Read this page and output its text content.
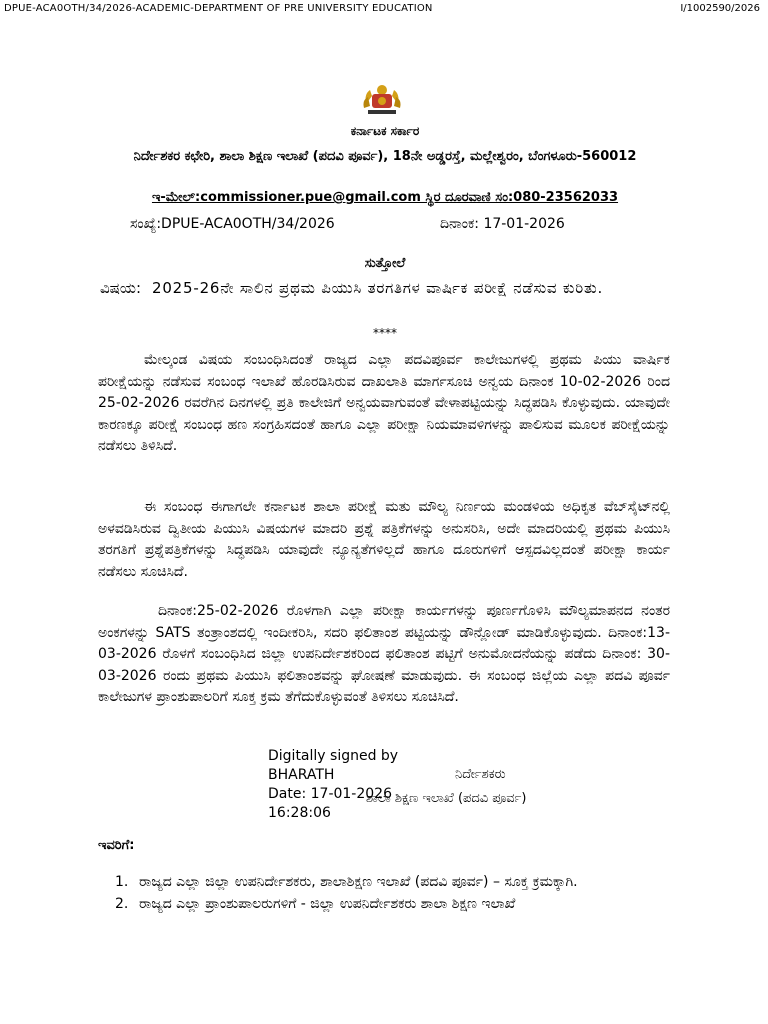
DPUE-ACA0OTH/34/2026-ACADEMIC-DEPARTMENT OF PRE UNIVERSITY EDUCATION	I/1002590/2026
ಕರ್ನಾಟಕ ಸರ್ಕಾರ
ನಿರ್ದೇಶಕರ ಕಛೇರಿ, ಶಾಲಾ ಶಿಕ್ಷಣ ಇಲಾಖೆ (ಪದವಿ ಪೂರ್ವ), 18ನೇ ಅಡ್ಡರಸ್ತೆ, ಮಲ್ಲೇಶ್ವರಂ, ಬೆಂಗಳೂರು-560012
ಇ-ಮೇಲ್:commissioner.pue@gmail.com ಸ್ಥಿರ ದೂರವಾಣಿ ಸಂ:080-23562033
ಸಂಖ್ಯೆ:DPUE-ACA0OTH/34/2026	ದಿನಾಂಕ: 17-01-2026
ಸುತ್ತೋಲೆ
ವಿಷಯ: 2025-26ನೇ ಸಾಲಿನ ಪ್ರಥಮ ಪಿಯುಸಿ ತರಗತಿಗಳ ವಾರ್ಷಿಕ ಪರೀಕ್ಷೆ ನಡೆಸುವ ಕುರಿತು.
****
ಮೇಲ್ಕಂಡ ವಿಷಯ ಸಂಬಂಧಿಸಿದಂತೆ ರಾಜ್ಯದ ಎಲ್ಲಾ ಪದವಿಪೂರ್ವ ಕಾಲೇಜುಗಳಲ್ಲಿ ಪ್ರಥಮ ಪಿಯು ವಾರ್ಷಿಕ ಪರೀಕ್ಷೆಯನ್ನು ನಡೆಸುವ ಸಂಬಂಧ ಇಲಾಖೆ ಹೊರಡಿಸಿರುವ ದಾಖಲಾತಿ ಮಾರ್ಗಸೂಚಿ ಅನ್ವಯ ದಿನಾಂಕ 10-02-2026 ರಿಂದ 25-02-2026 ರವರೆಗಿನ ದಿನಗಳಲ್ಲಿ ಪ್ರತಿ ಕಾಲೇಜಿಗೆ ಅನ್ವಯವಾಗುವಂತೆ ವೇಳಾಪಟ್ಟಿಯನ್ನು ಸಿದ್ಧಪಡಿಸಿ ಕೊಳ್ಳುವುದು. ಯಾವುದೇ ಕಾರಣಕ್ಕೂ ಪರೀಕ್ಷೆ ಸಂಬಂಧ ಹಣ ಸಂಗ್ರಹಿಸದಂತೆ ಹಾಗೂ ಎಲ್ಲಾ ಪರೀಕ್ಷಾ ನಿಯಮಾವಳಿಗಳನ್ನು ಪಾಲಿಸುವ ಮೂಲಕ ಪರೀಕ್ಷೆಯನ್ನು ನಡೆಸಲು ತಿಳಿಸಿದೆ.
ಈ ಸಂಬಂಧ ಈಗಾಗಲೇ ಕರ್ನಾಟಕ ಶಾಲಾ ಪರೀಕ್ಷೆ ಮತು ಮೌಲ್ಯ ನಿರ್ಣಯ ಮಂಡಳಿಯ ಅಧಿಕೃತ ವೆಬ್‌ಸೈಟ್‌ನಲ್ಲಿ ಅಳವಡಿಸಿರುವ ದ್ವಿತೀಯ ಪಿಯುಸಿ ವಿಷಯಗಳ ಮಾದರಿ ಪ್ರಶ್ನೆ ಪತ್ರಿಕೆಗಳನ್ನು ಅನುಸರಿಸಿ, ಅದೇ ಮಾದರಿಯಲ್ಲಿ ಪ್ರಥಮ ಪಿಯುಸಿ ತರಗತಿಗೆ ಪ್ರಶ್ನೆಪತ್ರಿಕೆಗಳನ್ನು ಸಿದ್ಧಪಡಿಸಿ ಯಾವುದೇ ನ್ಯೂನ್ಯತೆಗಳಿಲ್ಲದೆ ಹಾಗೂ ದೂರುಗಳಿಗೆ ಆಸ್ಪದವಿಲ್ಲದಂತೆ ಪರೀಕ್ಷಾ ಕಾರ್ಯ ನಡೆಸಲು ಸೂಚಿಸಿದೆ.
ದಿನಾಂಕ:25-02-2026 ರೊಳಗಾಗಿ ಎಲ್ಲಾ ಪರೀಕ್ಷಾ ಕಾರ್ಯಗಳನ್ನು ಪೂರ್ಣಗೊಳಿಸಿ ಮೌಲ್ಯಮಾಪನದ ನಂತರ ಅಂಕಗಳನ್ನು SATS ತಂತ್ರಾಂಶದಲ್ಲಿ ಇಂದೀಕರಿಸಿ, ಸದರಿ ಫಲಿತಾಂಶ ಪಟ್ಟಿಯನ್ನು ಡೌನ್ಲೋಡ್ ಮಾಡಿಕೊಳ್ಳುವುದು. ದಿನಾಂಕ:13-03-2026 ರೊಳಗೆ ಸಂಬಂಧಿಸಿದ ಜಿಲ್ಲಾ ಉಪನಿರ್ದೇಶಕರಿಂದ ಫಲಿತಾಂಶ ಪಟ್ಟಿಗೆ ಅನುಮೋದನೆಯನ್ನು ಪಡೆದು ದಿನಾಂಕ: 30-03-2026 ರಂದು ಪ್ರಥಮ ಪಿಯುಸಿ ಫಲಿತಾಂಶವನ್ನು ಘೋಷಣೆ ಮಾಡುವುದು. ಈ ಸಂಬಂಧ ಜಿಲ್ಲೆಯ ಎಲ್ಲಾ ಪದವಿ ಪೂರ್ವ ಕಾಲೇಜುಗಳ ಪ್ರಾಂಶುಪಾಲರಿಗೆ ಸೂಕ್ತ ಕ್ರಮ ತೆಗೆದುಕೊಳ್ಳುವಂತೆ ತಿಳಿಸಲು ಸೂಚಿಸಿದೆ.
Digitally signed by
BHARATH
Date: 17-01-2026
16:28:06
ನಿರ್ದೇಶಕರು
ಶಾಲಾ ಶಿಕ್ಷಣ ಇಲಾಖೆ (ಪದವಿ ಪೂರ್ವ)
ಇವರಿಗೆ:
1. ರಾಜ್ಯದ ಎಲ್ಲಾ ಜಿಲ್ಲಾ ಉಪನಿರ್ದೇಶಕರು, ಶಾಲಾಶಿಕ್ಷಣ ಇಲಾಖೆ (ಪದವಿ ಪೂರ್ವ) – ಸೂಕ್ತ ಕ್ರಮಕ್ಕಾಗಿ.
2. ರಾಜ್ಯದ ಎಲ್ಲಾ ಪ್ರಾಂಶುಪಾಲರುಗಳಿಗೆ - ಜಿಲ್ಲಾ ಉಪನಿರ್ದೇಶಕರು ಶಾಲಾ ಶಿಕ್ಷಣ ಇಲಾಖೆ
